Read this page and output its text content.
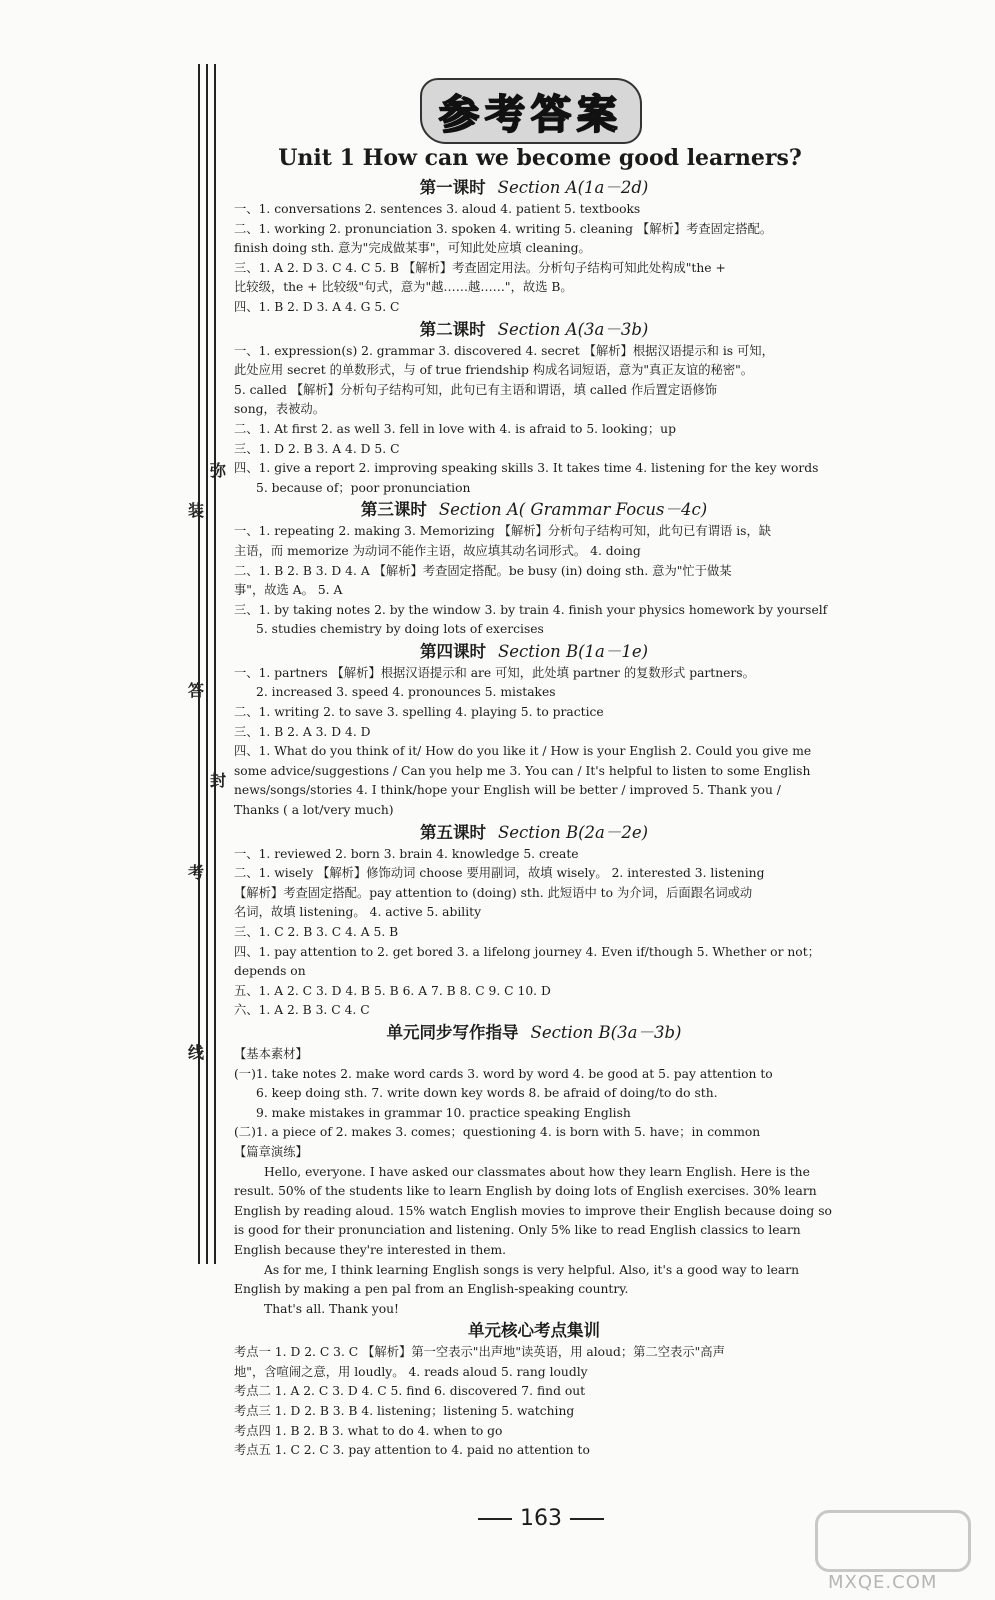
弥
装
答
封
考
线
参考答案
Unit 1 How can we become good learners?

第一课时 Section A(1a－2d)

一、1. conversations 2. sentences 3. aloud 4. patient 5. textbooks

二、1. working 2. pronunciation 3. spoken 4. writing 5. cleaning 【解析】考查固定搭配。

finish doing sth. 意为"完成做某事"，可知此处应填 cleaning。

三、1. A 2. D 3. C 4. C 5. B 【解析】考查固定用法。分析句子结构可知此处构成"the +

比较级，the + 比较级"句式，意为"越……越……"，故选 B。

四、1. B 2. D 3. A 4. G 5. C

第二课时 Section A(3a－3b)

一、1. expression(s) 2. grammar 3. discovered 4. secret 【解析】根据汉语提示和 is 可知，

此处应用 secret 的单数形式，与 of true friendship 构成名词短语，意为"真正友谊的秘密"。

5. called 【解析】分析句子结构可知，此句已有主语和谓语，填 called 作后置定语修饰

song，表被动。

二、1. At first 2. as well 3. fell in love with 4. is afraid to 5. looking；up

三、1. D 2. B 3. A 4. D 5. C

四、1. give a report 2. improving speaking skills 3. It takes time 4. listening for the key words

5. because of；poor pronunciation

第三课时 Section A( Grammar Focus－4c)

一、1. repeating 2. making 3. Memorizing 【解析】分析句子结构可知，此句已有谓语 is，缺

主语，而 memorize 为动词不能作主语，故应填其动名词形式。 4. doing

二、1. B 2. B 3. D 4. A 【解析】考查固定搭配。be busy (in) doing sth. 意为"忙于做某

事"，故选 A。 5. A

三、1. by taking notes 2. by the window 3. by train 4. finish your physics homework by yourself

5. studies chemistry by doing lots of exercises

第四课时 Section B(1a－1e)

一、1. partners 【解析】根据汉语提示和 are 可知，此处填 partner 的复数形式 partners。

2. increased 3. speed 4. pronounces 5. mistakes

二、1. writing 2. to save 3. spelling 4. playing 5. to practice

三、1. B 2. A 3. D 4. D

四、1. What do you think of it/ How do you like it / How is your English 2. Could you give me

some advice/suggestions / Can you help me 3. You can / It's helpful to listen to some English

news/songs/stories 4. I think/hope your English will be better / improved 5. Thank you /

Thanks ( a lot/very much)

第五课时 Section B(2a－2e)

一、1. reviewed 2. born 3. brain 4. knowledge 5. create

二、1. wisely 【解析】修饰动词 choose 要用副词，故填 wisely。 2. interested 3. listening

【解析】考查固定搭配。pay attention to (doing) sth. 此短语中 to 为介词，后面跟名词或动

名词，故填 listening。 4. active 5. ability

三、1. C 2. B 3. C 4. A 5. B

四、1. pay attention to 2. get bored 3. a lifelong journey 4. Even if/though 5. Whether or not；

depends on

五、1. A 2. C 3. D 4. B 5. B 6. A 7. B 8. C 9. C 10. D

六、1. A 2. B 3. C 4. C

单元同步写作指导 Section B(3a－3b)

【基本素材】

(一)1. take notes 2. make word cards 3. word by word 4. be good at 5. pay attention to

6. keep doing sth. 7. write down key words 8. be afraid of doing/to do sth.

9. make mistakes in grammar 10. practice speaking English

(二)1. a piece of 2. makes 3. comes；questioning 4. is born with 5. have；in common

【篇章演练】

Hello, everyone. I have asked our classmates about how they learn English. Here is the result. 50% of the students like to learn English by doing lots of English exercises. 30% learn English by reading aloud. 15% watch English movies to improve their English because doing so is good for their pronunciation and listening. Only 5% like to read English classics to learn English because they're interested in them.

As for me, I think learning English songs is very helpful. Also, it's a good way to learn English by making a pen pal from an English-speaking country.

That's all. Thank you!

单元核心考点集训

考点一 1. D 2. C 3. C 【解析】第一空表示"出声地"读英语，用 aloud；第二空表示"高声

地"，含喧闹之意，用 loudly。 4. reads aloud 5. rang loudly

考点二 1. A 2. C 3. D 4. C 5. find 6. discovered 7. find out

考点三 1. D 2. B 3. B 4. listening；listening 5. watching

考点四 1. B 2. B 3. what to do 4. when to go

考点五 1. C 2. C 3. pay attention to 4. paid no attention to

163
MXQE.COM
